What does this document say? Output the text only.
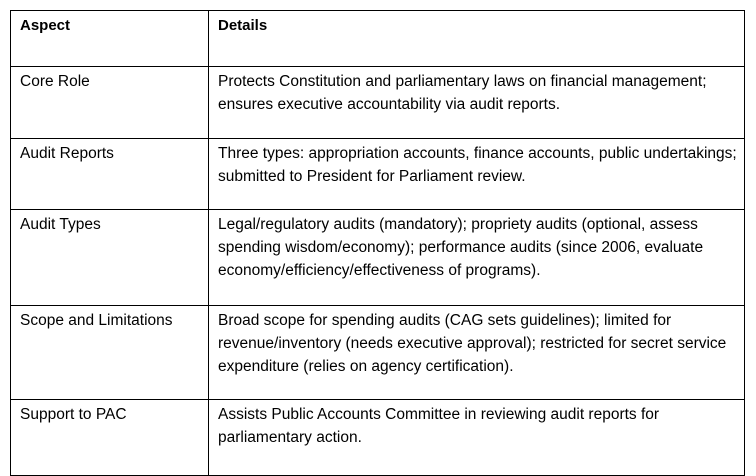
Aspect	Details
Core Role	Protects Constitution and parliamentary laws on financial management; ensures executive accountability via audit reports.
Audit Reports	Three types: appropriation accounts, finance accounts, public undertakings; submitted to President for Parliament review.
Audit Types	Legal/regulatory audits (mandatory); propriety audits (optional, assess spending wisdom/economy); performance audits (since 2006, evaluate economy/efficiency/effectiveness of programs).
Scope and Limitations	Broad scope for spending audits (CAG sets guidelines); limited for revenue/inventory (needs executive approval); restricted for secret service expenditure (relies on agency certification).
Support to PAC	Assists Public Accounts Committee in reviewing audit reports for parliamentary action.
